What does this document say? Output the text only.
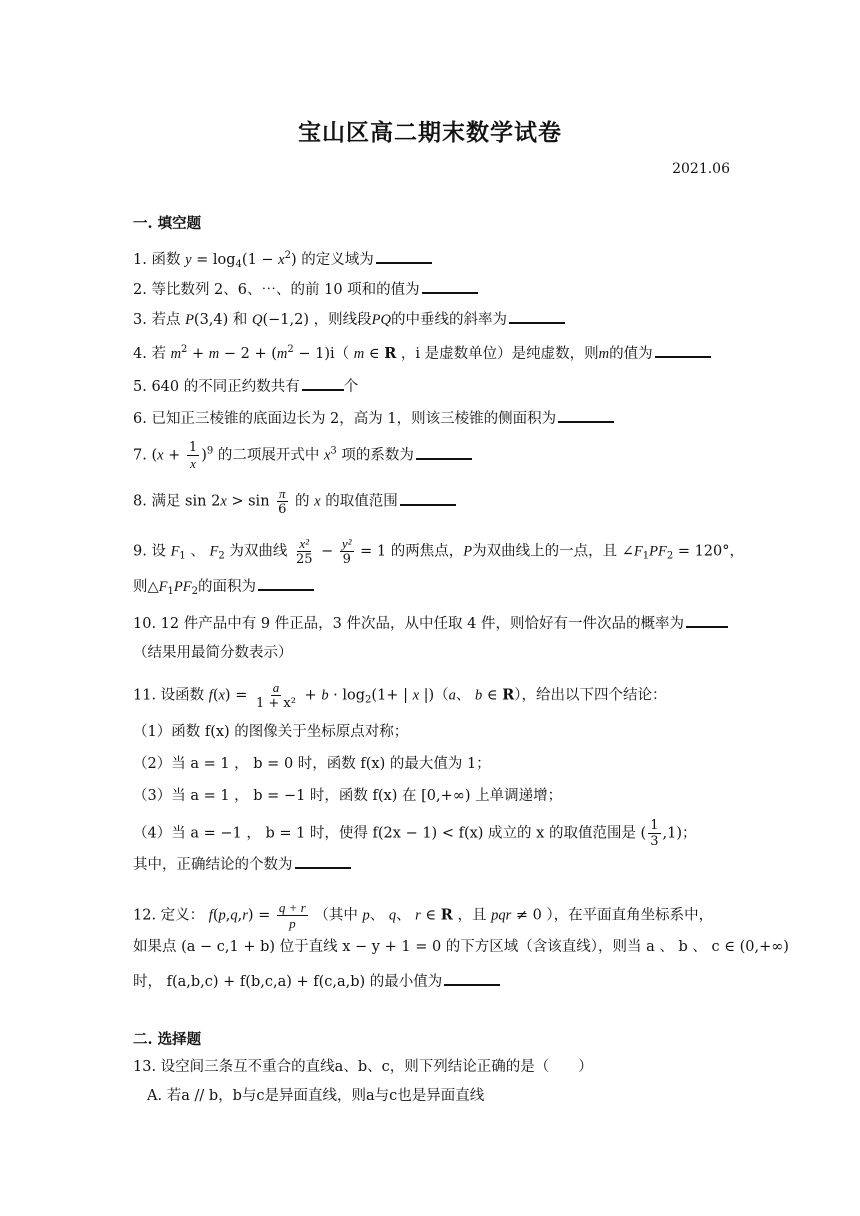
宝山区高二期末数学试卷
2021.06
一. 填空题
1. 函数 $y = \log_4(1 - x^2)$ 的定义域为
2. 等比数列 2、6、⋯、的前 10 项和的值为
3. 若点 P(3,4) 和 Q(−1,2) ，则线段PQ的中垂线的斜率为
4. 若 $m^2 + m - 2 + (m^2 - 1)i$（ m ∈ R ，i 是虚数单位）是纯虚数，则m的值为
5. 640 的不同正约数共有	个
6. 已知正三棱锥的底面边长为 2，高为 1，则该三棱锥的侧面积为
7. $(x + \frac{1}{x} )^9$ 的二项展开式中 $x^3$ 项的系数为
8. 满足 $\sin 2x > \sin \frac{\pi}{6}$ 的 x 的取值范围
9. 设 $F_1$ 、 $F_2$ 为双曲线 $\frac{\text{x²}}{25} - \frac{\text{y²}}{9} = 1$ 的两焦点，P为双曲线上的一点，且 $\angle F_1PF_2 = 120^\circ$，
则$\triangle F_1PF_2$的面积为
10. 12 件产品中有 9 件正品，3 件次品，从中任取 4 件，则恰好有一件次品的概率为
（结果用最简分数表示）
11. 设函数 $f(x) = \frac{a}{\text{1 + x²}} + b \cdot \log_2(1+$ | x |)（a、 b ∈ R），给出以下四个结论：
（1）函数 f(x) 的图像关于坐标原点对称；
（2）当 a = 1 ， b = 0 时，函数 f(x) 的最大值为 1；
（3）当 a = 1 ， b = −1 时，函数 f(x) 在 [0,+∞) 上单调递增；
（4）当 a = −1 ， b = 1 时，使得 f(2x − 1) < f(x) 成立的 x 的取值范围是 ( $\frac{1}{3} ,1$)；
其中，正确结论的个数为
12. 定义： $f(p,q,r) = \frac{q + r}{p}$ （其中 p、 q、 r ∈ R ，且 pqr ≠ 0 ），在平面直角坐标系中，
如果点 (a − c,1 + b) 位于直线 x − y + 1 = 0 的下方区域（含该直线），则当 a 、 b 、 c ∈ (0,+∞)
时， f(a,b,c) + f(b,c,a) + f(c,a,b) 的最小值为
二. 选择题
13. 设空间三条互不重合的直线a、b、c，则下列结论正确的是（　　）
A. 若a // b，b与c是异面直线，则a与c也是异面直线
